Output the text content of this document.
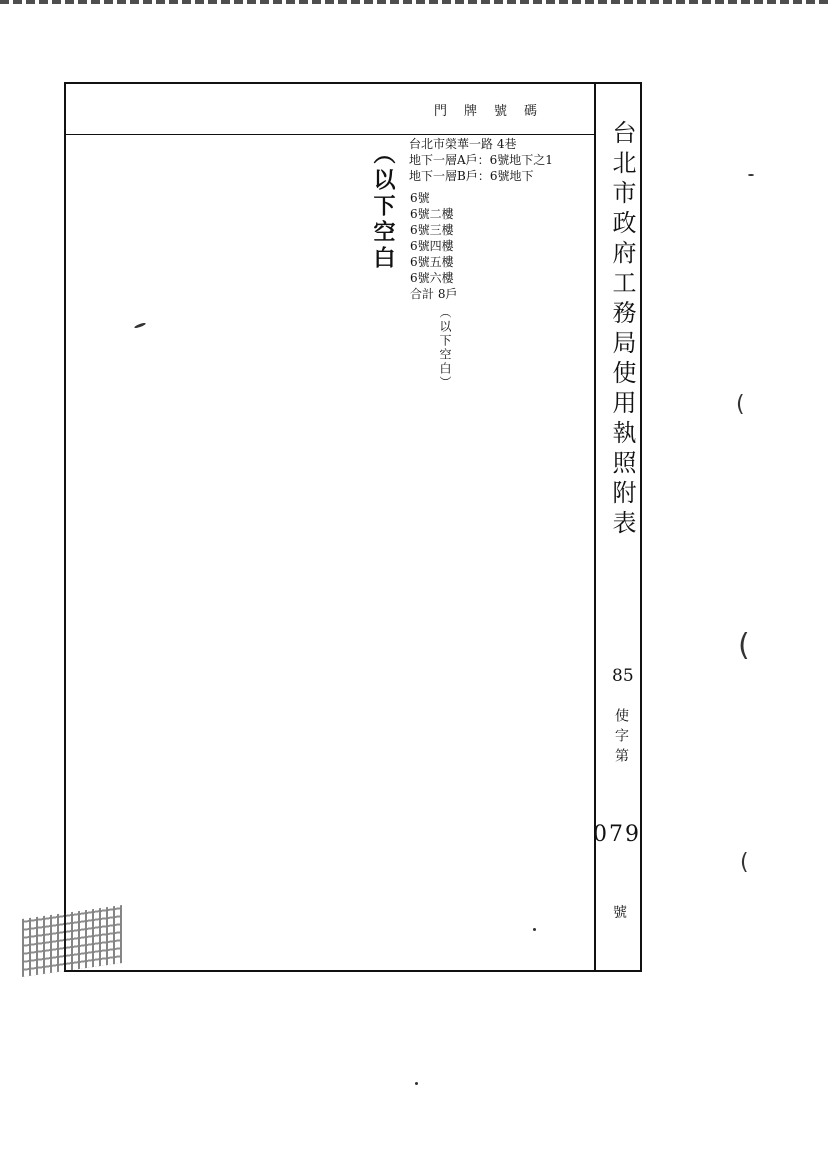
門牌號碼
︵以下空白 台北市榮華一路 4巷
地下一層A戶：6號地下之1
地下一層B戶：6號地下
6號
6號二樓
6號三樓
6號四樓
6號五樓
6號六樓
合計 8戶
︵以下空白︶	台北市政府工務局使用執照附表
85
使字第
079
號
(
(
(
